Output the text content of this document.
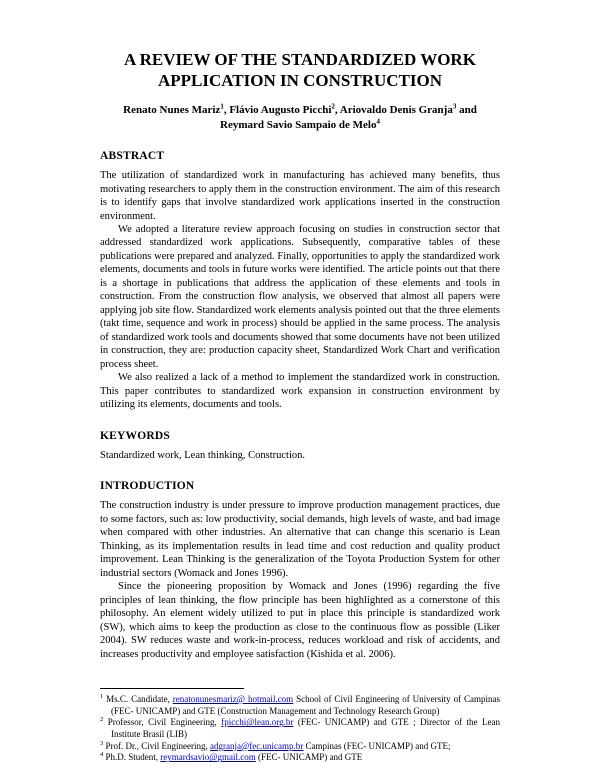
A REVIEW OF THE STANDARDIZED WORK
APPLICATION IN CONSTRUCTION

Renato Nunes Mariz$^1$, Flávio Augusto Picchi$^2$, Ariovaldo Denis Granja$^3$ and
Reymard Savio Sampaio de Melo$^4$

ABSTRACT

The utilization of standardized work in manufacturing has achieved many benefits, thus motivating researchers to apply them in the construction environment. The aim of this research is to identify gaps that involve standardized work applications inserted in the construction environment.

We adopted a literature review approach focusing on studies in construction sector that addressed standardized work applications. Subsequently, comparative tables of these publications were prepared and analyzed. Finally, opportunities to apply the standardized work elements, documents and tools in future works were identified. The article points out that there is a shortage in publications that address the application of these elements and tools in construction. From the construction flow analysis, we observed that almost all papers were applying job site flow. Standardized work elements analysis pointed out that the three elements (takt time, sequence and work in process) should be applied in the same process. The analysis of standardized work tools and documents showed that some documents have not been utilized in construction, they are: production capacity sheet, Standardized Work Chart and verification process sheet.

We also realized a lack of a method to implement the standardized work in construction. This paper contributes to standardized work expansion in construction environment by utilizing its elements, documents and tools.

KEYWORDS

Standardized work, Lean thinking, Construction.

INTRODUCTION

The construction industry is under pressure to improve production management practices, due to some factors, such as: low productivity, social demands, high levels of waste, and bad image when compared with other industries. An alternative that can change this scenario is Lean Thinking, as its implementation results in lead time and cost reduction and quality product improvement. Lean Thinking is the generalization of the Toyota Production System for other industrial sectors (Womack and Jones 1996).

Since the pioneering proposition by Womack and Jones (1996) regarding the five principles of lean thinking, the flow principle has been highlighted as a cornerstone of this philosophy. An element widely utilized to put in place this principle is standardized work (SW), which aims to keep the production as close to the continuous flow as possible (Liker 2004). SW reduces waste and work-in-process, reduces workload and risk of accidents, and increases productivity and employee satisfaction (Kishida et al. 2006).

$^1$ Ms.C. Candidate, renatonunesmariz@ hotmail.com School of Civil Engineering of University of Campinas (FEC- UNICAMP) and GTE (Construction Management and Technology Research Group)
$^2$ Professor, Civil Engineering, fpicchi@lean.org.br (FEC- UNICAMP) and GTE ; Director of the Lean Institute Brasil (LIB)
$^3$ Prof. Dr., Civil Engineering, adgranja@fec.unicamp.br Campinas (FEC- UNICAMP) and GTE;
$^4$ Ph.D. Student, reymardsavio@gmail.com (FEC- UNICAMP) and GTE
